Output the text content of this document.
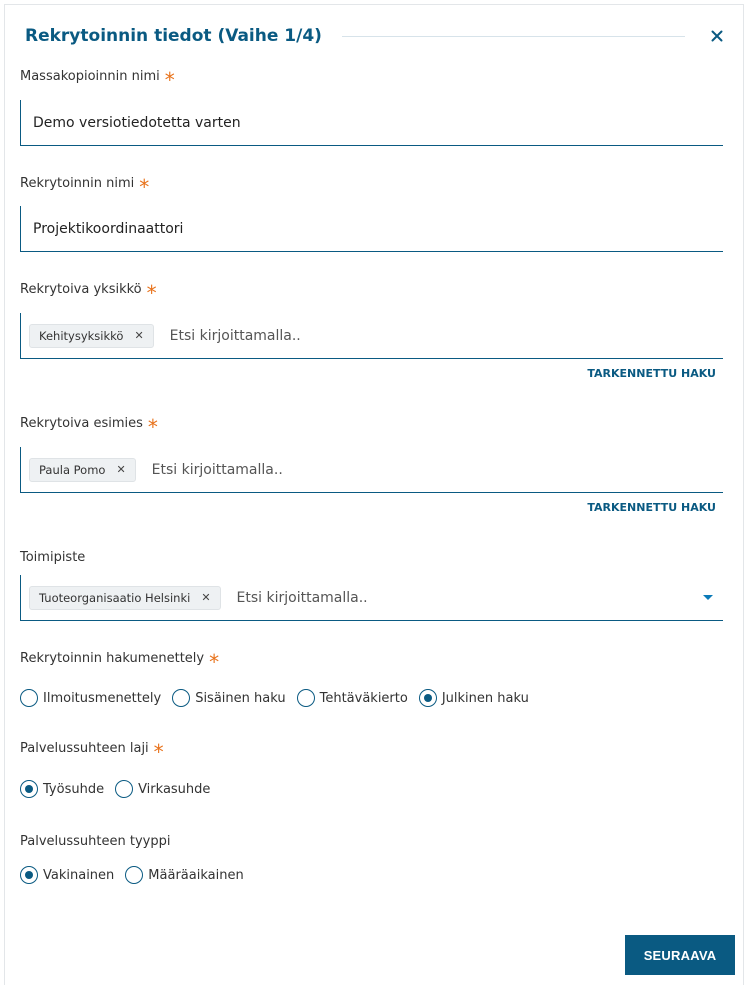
Rekrytoinnin tiedot (Vaihe 1/4)
Massakopioinnin nimi *
Demo versiotiedotetta varten
Rekrytoinnin nimi *
Projektikoordinaattori
Rekrytoiva yksikkö *
Kehitysyksikkö ✕ Etsi kirjoittamalla..
TARKENNETTU HAKU
Rekrytoiva esimies *
Paula Pomo ✕ Etsi kirjoittamalla..
TARKENNETTU HAKU
Toimipiste
Tuoteorganisaatio Helsinki ✕ Etsi kirjoittamalla..
Rekrytoinnin hakumenettely *
Ilmoitusmenettely	Sisäinen haku	Tehtäväkierto	Julkinen haku
Palvelussuhteen laji *
Työsuhde	Virkasuhde
Palvelussuhteen tyyppi
Vakinainen	Määräaikainen
SEURAAVA
